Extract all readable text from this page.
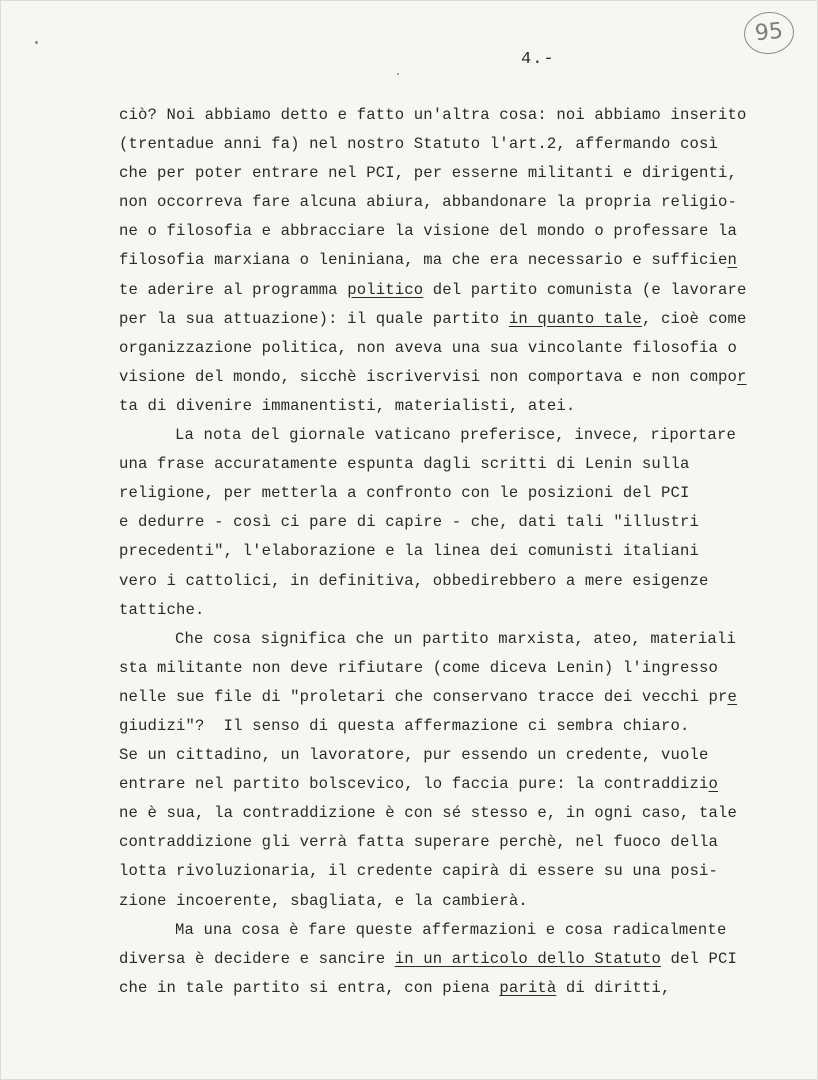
95
4.-
ciò? Noi abbiamo detto e fatto un'altra cosa: noi abbiamo inserito
(trentadue anni fa) nel nostro Statuto l'art.2, affermando così
che per poter entrare nel PCI, per esserne militanti e dirigenti,
non occorreva fare alcuna abiura, abbandonare la propria religio-
ne o filosofia e abbracciare la visione del mondo o professare la
filosofia marxiana o leniniana, ma che era necessario e sufficien
te aderire al programma politico del partito comunista (e lavorare
per la sua attuazione): il quale partito in quanto tale, cioè come
organizzazione politica, non aveva una sua vincolante filosofia o
visione del mondo, sicchè iscrivervisi non comportava e non compor
ta di divenire immanentisti, materialisti, atei.
La nota del giornale vaticano preferisce, invece, riportare
una frase accuratamente espunta dagli scritti di Lenin sulla
religione, per metterla a confronto con le posizioni del PCI
e dedurre - così ci pare di capire - che, dati tali "illustri
precedenti", l'elaborazione e la linea dei comunisti italiani
vero i cattolici, in definitiva, obbedirebbero a mere esigenze
tattiche.
Che cosa significa che un partito marxista, ateo, materiali
sta militante non deve rifiutare (come diceva Lenin) l'ingresso
nelle sue file di "proletari che conservano tracce dei vecchi pre
giudizi"?  Il senso di questa affermazione ci sembra chiaro.
Se un cittadino, un lavoratore, pur essendo un credente, vuole
entrare nel partito bolscevico, lo faccia pure: la contraddizio
ne è sua, la contraddizione è con sé stesso e, in ogni caso, tale
contraddizione gli verrà fatta superare perchè, nel fuoco della
lotta rivoluzionaria, il credente capirà di essere su una posi-
zione incoerente, sbagliata, e la cambierà.
Ma una cosa è fare queste affermazioni e cosa radicalmente
diversa è decidere e sancire in un articolo dello Statuto del PCI
che in tale partito si entra, con piena parità di diritti,
